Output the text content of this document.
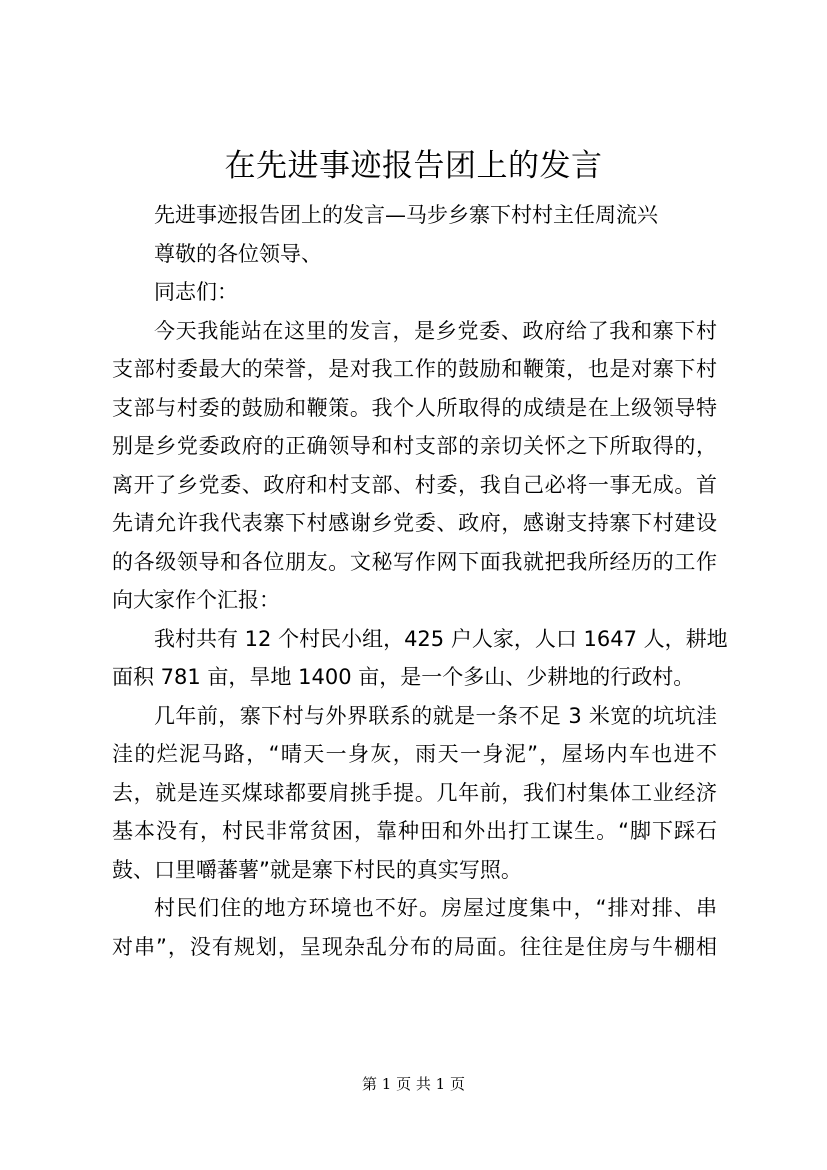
在先进事迹报告团上的发言

先进事迹报告团上的发言—马步乡寨下村村主任周流兴

尊敬的各位领导、

同志们：

今天我能站在这里的发言，是乡党委、政府给了我和寨下村
支部村委最大的荣誉，是对我工作的鼓励和鞭策，也是对寨下村
支部与村委的鼓励和鞭策。我个人所取得的成绩是在上级领导特
别是乡党委政府的正确领导和村支部的亲切关怀之下所取得的，
离开了乡党委、政府和村支部、村委，我自己必将一事无成。首
先请允许我代表寨下村感谢乡党委、政府，感谢支持寨下村建设
的各级领导和各位朋友。文秘写作网下面我就把我所经历的工作
向大家作个汇报：

我村共有 12 个村民小组，425 户人家，人口 1647 人，耕地
面积 781 亩，旱地 1400 亩，是一个多山、少耕地的行政村。

几年前，寨下村与外界联系的就是一条不足 3 米宽的坑坑洼
洼的烂泥马路，“晴天一身灰，雨天一身泥”，屋场内车也进不
去，就是连买煤球都要肩挑手提。几年前，我们村集体工业经济
基本没有，村民非常贫困，靠种田和外出打工谋生。“脚下踩石
鼓、口里嚼蕃薯”就是寨下村民的真实写照。

村民们住的地方环境也不好。房屋过度集中，“排对排、串
对串”，没有规划，呈现杂乱分布的局面。往往是住房与牛棚相

第 1 页 共 1 页
